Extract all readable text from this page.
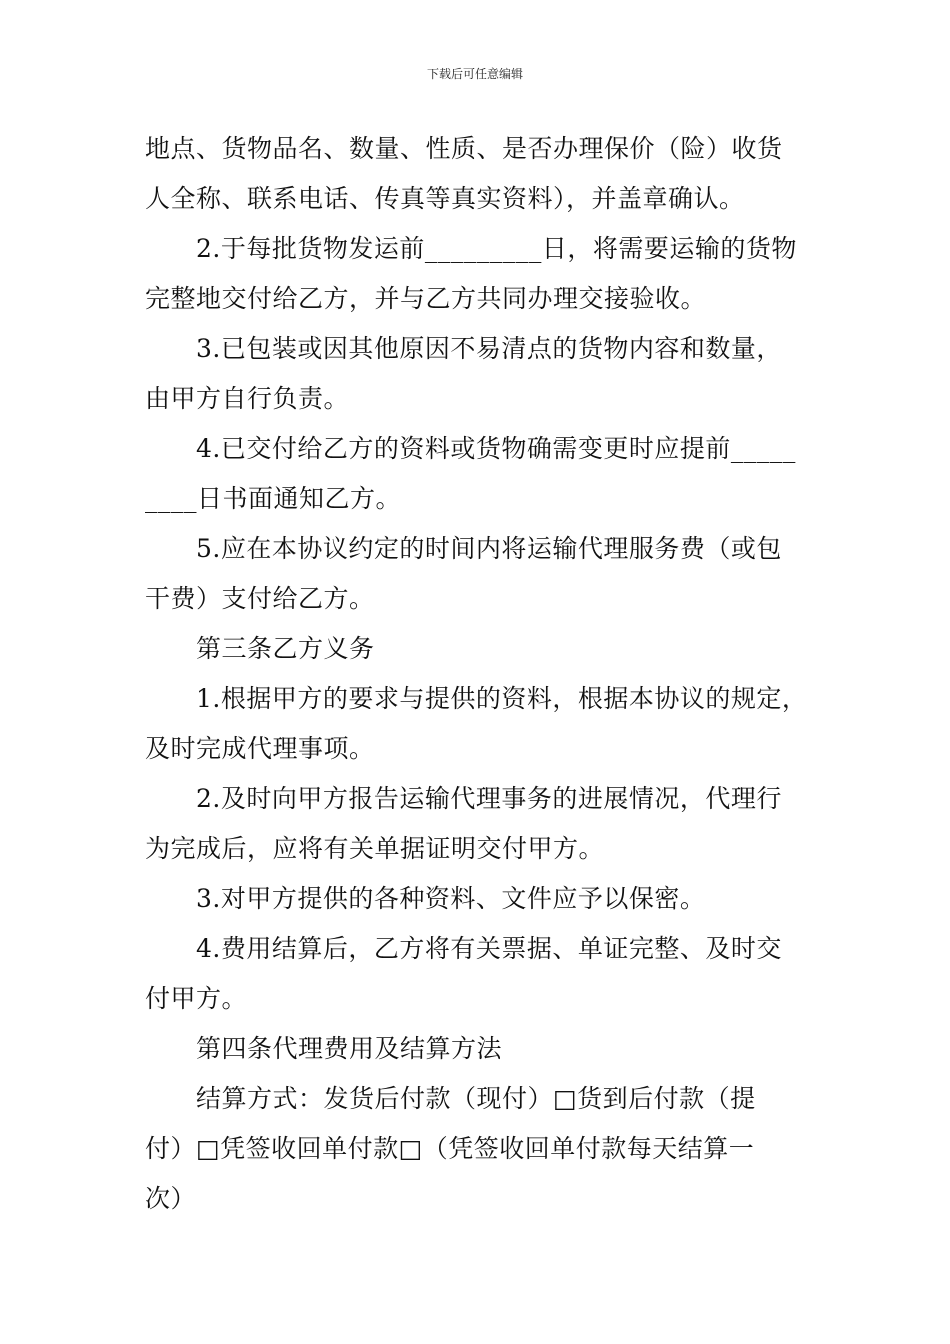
下载后可任意编辑
地点、货物品名、数量、性质、是否办理保价（险）收货
人全称、联系电话、传真等真实资料），并盖章确认。
2.于每批货物发运前_________日，将需要运输的货物
完整地交付给乙方，并与乙方共同办理交接验收。
3.已包装或因其他原因不易清点的货物内容和数量，
由甲方自行负责。
4.已交付给乙方的资料或货物确需变更时应提前_____
____日书面通知乙方。
5.应在本协议约定的时间内将运输代理服务费（或包
干费）支付给乙方。
第三条乙方义务
1.根据甲方的要求与提供的资料，根据本协议的规定，
及时完成代理事项。
2.及时向甲方报告运输代理事务的进展情况，代理行
为完成后，应将有关单据证明交付甲方。
3.对甲方提供的各种资料、文件应予以保密。
4.费用结算后，乙方将有关票据、单证完整、及时交
付甲方。
第四条代理费用及结算方法
结算方式：发货后付款（现付）□货到后付款（提
付）□凭签收回单付款□（凭签收回单付款每天结算一
次）
